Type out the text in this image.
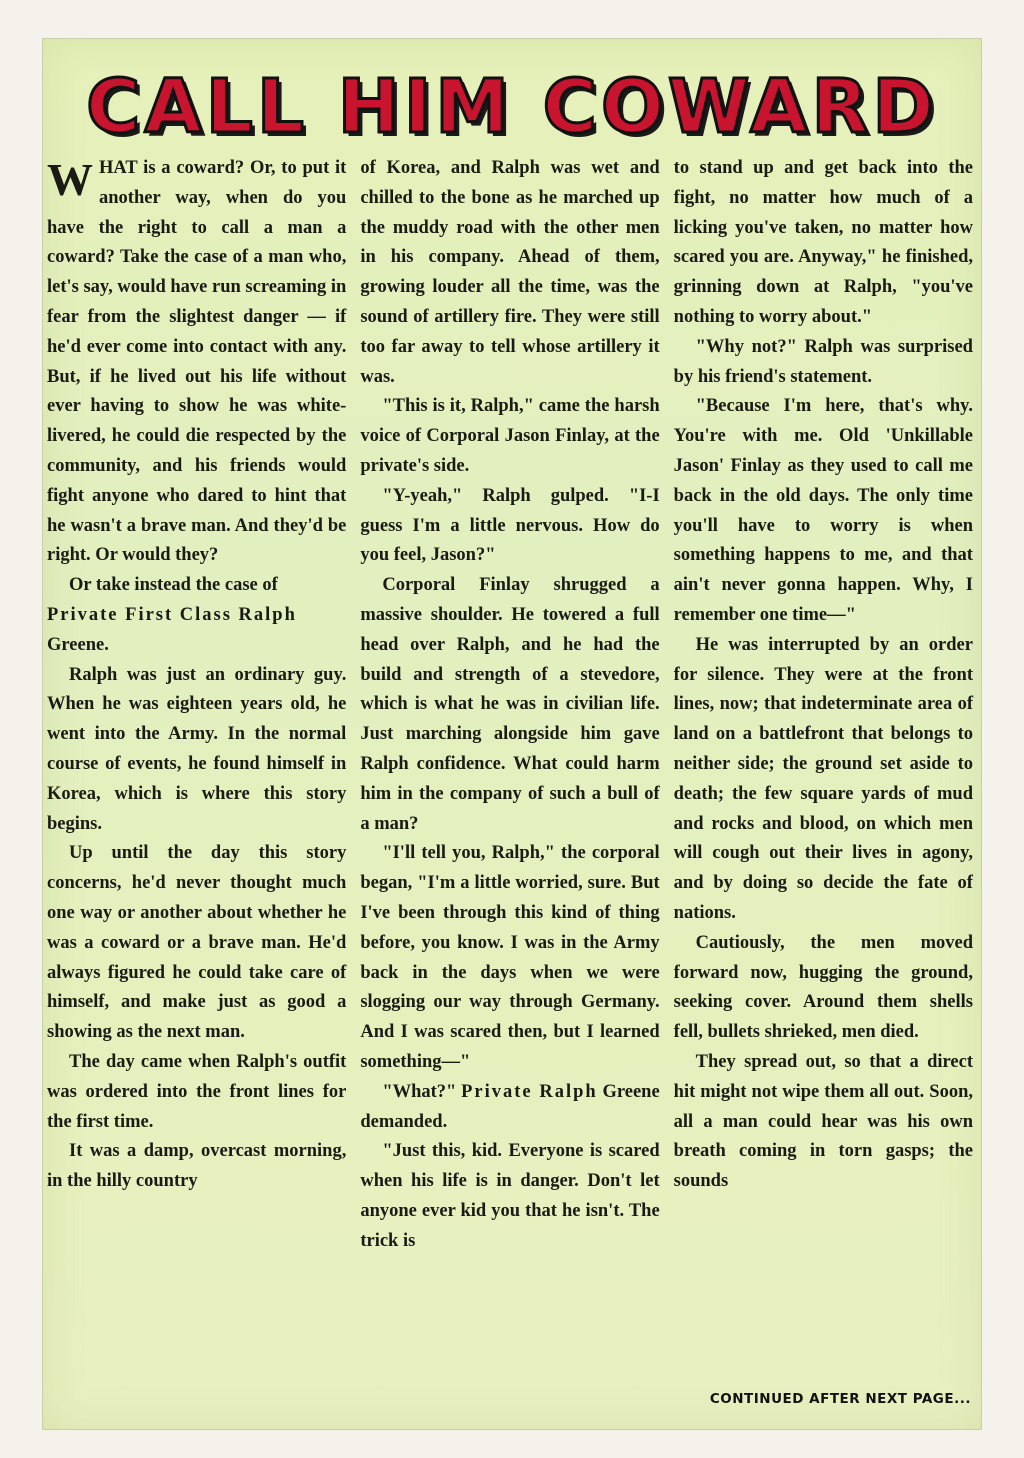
CALL HIM COWARD

WHAT is a coward? Or, to put it another way, when do you have the right to call a man a coward? Take the case of a man who, let's say, would have run screaming in fear from the slightest danger — if he'd ever come into contact with any. But, if he lived out his life without ever having to show he was white-livered, he could die respected by the community, and his friends would fight anyone who dared to hint that he wasn't a brave man. And they'd be right. Or would they?

Or take instead the case of
Private First Class Ralph
Greene.

Ralph was just an ordinary guy. When he was eighteen years old, he went into the Army. In the normal course of events, he found himself in Korea, which is where this story begins.

Up until the day this story concerns, he'd never thought much one way or another about whether he was a coward or a brave man. He'd always figured he could take care of himself, and make just as good a showing as the next man.

The day came when Ralph's outfit was ordered into the front lines for the first time.

It was a damp, overcast morning, in the hilly country

of Korea, and Ralph was wet and chilled to the bone as he marched up the muddy road with the other men in his company. Ahead of them, growing louder all the time, was the sound of artillery fire. They were still too far away to tell whose artillery it was.

"This is it, Ralph," came the harsh voice of Corporal Jason Finlay, at the private's side.

"Y-yeah," Ralph gulped. "I-I guess I'm a little nervous. How do you feel, Jason?"

Corporal Finlay shrugged a massive shoulder. He towered a full head over Ralph, and he had the build and strength of a stevedore, which is what he was in civilian life. Just marching alongside him gave Ralph confidence. What could harm him in the company of such a bull of a man?

"I'll tell you, Ralph," the corporal began, "I'm a little worried, sure. But I've been through this kind of thing before, you know. I was in the Army back in the days when we were slogging our way through Germany. And I was scared then, but I learned something—"

"What?" Private Ralph Greene demanded.

"Just this, kid. Everyone is scared when his life is in danger. Don't let anyone ever kid you that he isn't. The trick is

to stand up and get back into the fight, no matter how much of a licking you've taken, no matter how scared you are. Anyway," he finished, grinning down at Ralph, "you've nothing to worry about."

"Why not?" Ralph was surprised by his friend's statement.

"Because I'm here, that's why. You're with me. Old 'Unkillable Jason' Finlay as they used to call me back in the old days. The only time you'll have to worry is when something happens to me, and that ain't never gonna happen. Why, I remember one time—"

He was interrupted by an order for silence. They were at the front lines, now; that indeterminate area of land on a battlefront that belongs to neither side; the ground set aside to death; the few square yards of mud and rocks and blood, on which men will cough out their lives in agony, and by doing so decide the fate of nations.

Cautiously, the men moved forward now, hugging the ground, seeking cover. Around them shells fell, bullets shrieked, men died.

They spread out, so that a direct hit might not wipe them all out. Soon, all a man could hear was his own breath coming in torn gasps; the sounds

CONTINUED AFTER NEXT PAGE...
